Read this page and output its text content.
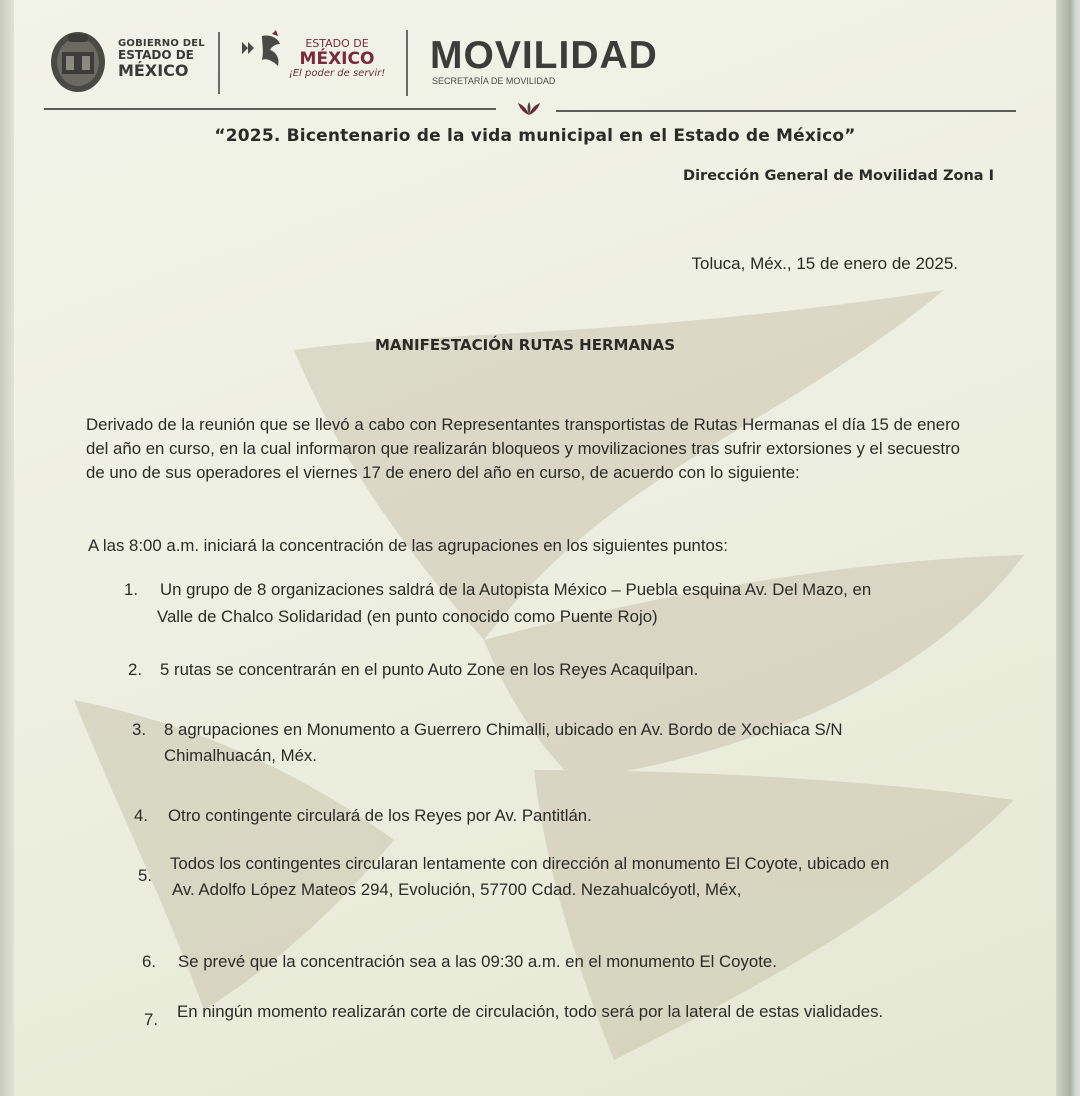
GOBIERNO DEL
ESTADO DE
MÉXICO
ESTADO DE
MÉXICO
¡El poder de servir!	MOVILIDAD
SECRETARÍA DE MOVILIDAD
“2025. Bicentenario de la vida municipal en el Estado de México”
Dirección General de Movilidad Zona I
Toluca, Méx., 15 de enero de 2025.
MANIFESTACIÓN RUTAS HERMANAS
Derivado de la reunión que se llevó a cabo con Representantes transportistas de Rutas Hermanas el día 15 de enero del año en curso, en la cual informaron que realizarán bloqueos y movilizaciones tras sufrir extorsiones y el secuestro de uno de sus operadores el viernes 17 de enero del año en curso, de acuerdo con lo siguiente:
A las 8:00 a.m. iniciará la concentración de las agrupaciones en los siguientes puntos:
1.	Un grupo de 8 organizaciones saldrá de la Autopista México – Puebla esquina Av. Del Mazo, en
Valle de Chalco Solidaridad (en punto conocido como Puente Rojo)
2.	5 rutas se concentrarán en el punto Auto Zone en los Reyes Acaquilpan.
3.	8 agrupaciones en Monumento a Guerrero Chimalli, ubicado en Av. Bordo de Xochiaca S/N
Chimalhuacán, Méx.
4.	Otro contingente circulará de los Reyes por Av. Pantitlán.
5.
Todos los contingentes circularan lentamente con dirección al monumento El Coyote, ubicado en
Av. Adolfo López Mateos 294, Evolución, 57700 Cdad. Nezahualcóyotl, Méx,
6.	Se prevé que la concentración sea a las 09:30 a.m. en el monumento El Coyote.
7.	En ningún momento realizarán corte de circulación, todo será por la lateral de estas vialidades.
